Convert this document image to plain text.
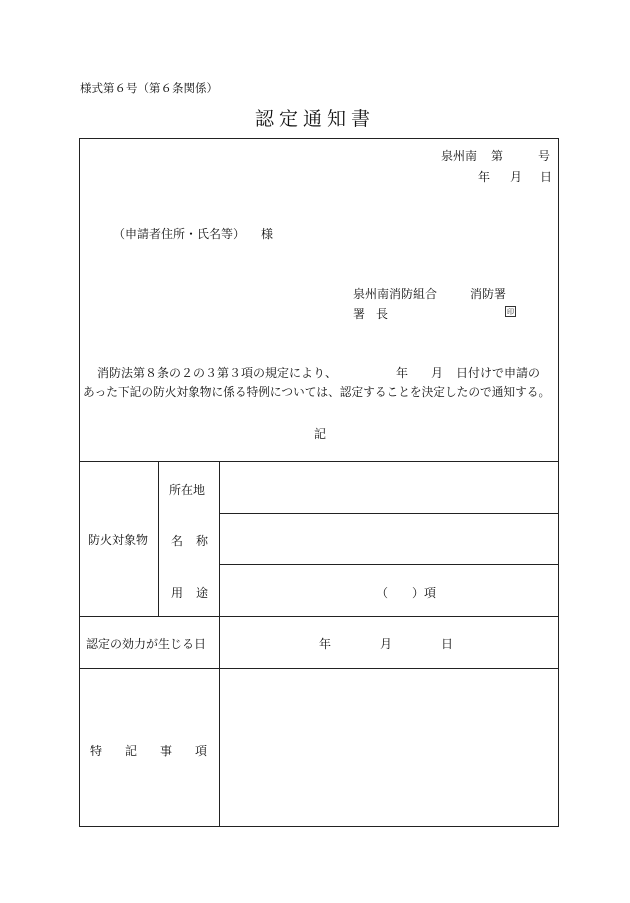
様式第６号（第６条関係）
認定通知書
泉州南 第	号
年 月 日
（申請者住所・氏名等） 様
泉州南消防組合	消防署
署 長	印
消防法第８条の２の３第３項の規定により、	年 月 日付けで申請の
あった下記の防火対象物に係る特例については、認定することを決定したので通知する。
記
防火対象物
所在地
名 称
用 途	（　　）項
認定の効力が生じる日	年	月	日
特 記 事 項
